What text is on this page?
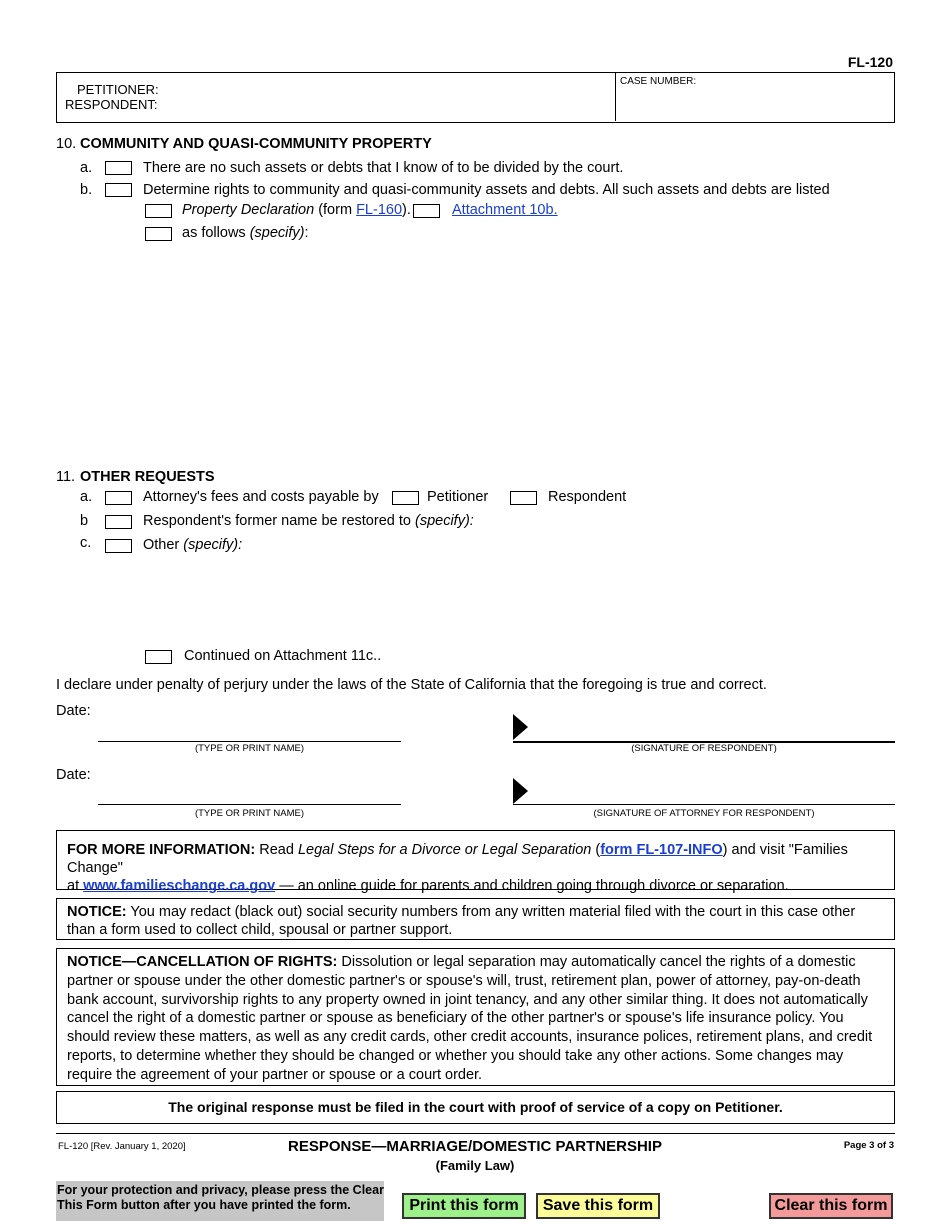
FL-120
PETITIONER:
RESPONDENT:
CASE NUMBER:
10. COMMUNITY AND QUASI-COMMUNITY PROPERTY
a.	There are no such assets or debts that I know of to be divided by the court.
b.	Determine rights to community and quasi-community assets and debts. All such assets and debts are listed
Property Declaration (form FL-160).	Attachment 10b.
as follows (specify):
11. OTHER REQUESTS
a.	Attorney's fees and costs payable by	Petitioner	Respondent
b	Respondent's former name be restored to (specify):
c.	Other (specify):
Continued on Attachment 11c..
I declare under penalty of perjury under the laws of the State of California that the foregoing is true and correct.
Date:
(TYPE OR PRINT NAME)	(SIGNATURE OF RESPONDENT)
Date:
(TYPE OR PRINT NAME)	(SIGNATURE OF ATTORNEY FOR RESPONDENT)

FOR MORE INFORMATION: Read Legal Steps for a Divorce or Legal Separation (form FL-107-INFO) and visit "Families Change"

at www.familieschange.ca.gov — an online guide for parents and children going through divorce or separation.

NOTICE: You may redact (black out) social security numbers from any written material filed with the court in this case other than a form used to collect child, spousal or partner support.
NOTICE—CANCELLATION OF RIGHTS: Dissolution or legal separation may automatically cancel the rights of a domestic partner or spouse under the other domestic partner's or spouse's will, trust, retirement plan, power of attorney, pay-on-death bank account, survivorship rights to any property owned in joint tenancy, and any other similar thing. It does not automatically cancel the right of a domestic partner or spouse as beneficiary of the other partner's or spouse's life insurance policy. You should review these matters, as well as any credit cards, other credit accounts, insurance polices, retirement plans, and credit reports, to determine whether they should be changed or whether you should take any other actions. Some changes may require the agreement of your partner or spouse or a court order.
The original response must be filed in the court with proof of service of a copy on Petitioner.
FL-120 [Rev. January 1, 2020]	RESPONSE—MARRIAGE/DOMESTIC PARTNERSHIP
(Family Law)
Page 3 of 3
For your protection and privacy, please press the Clear This Form button after you have printed the form.	Print this form	Save this form	Clear this form
